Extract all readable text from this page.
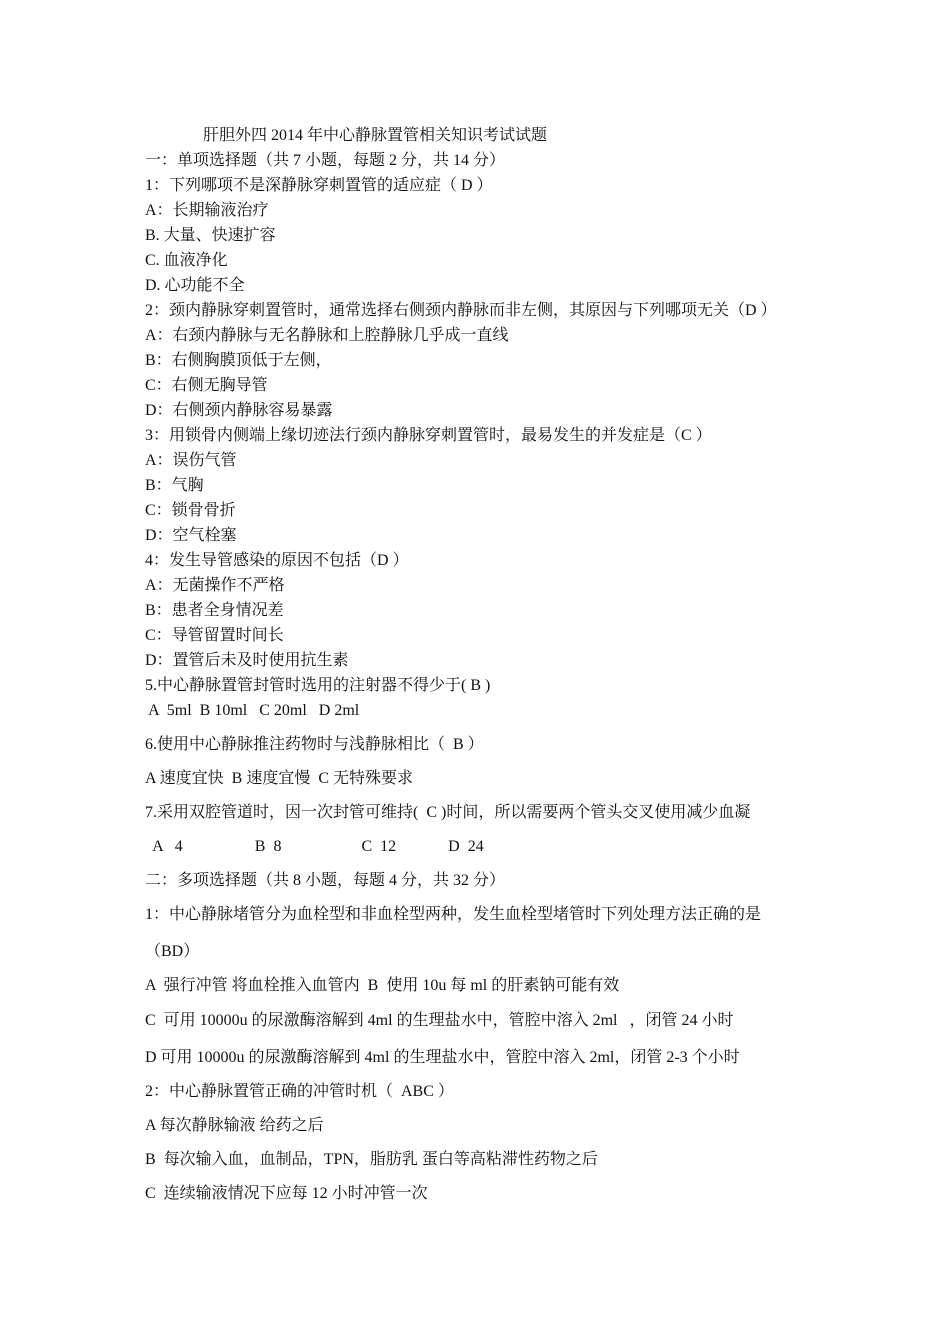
肝胆外四 2014 年中心静脉置管相关知识考试试题

一：单项选择题（共 7 小题，每题 2 分，共 14 分）

1：下列哪项不是深静脉穿刺置管的适应症（ D ）

A：长期输液治疗

B. 大量、快速扩容

C. 血液净化

D. 心功能不全

2：颈内静脉穿刺置管时，通常选择右侧颈内静脉而非左侧，其原因与下列哪项无关（D ）

A：右颈内静脉与无名静脉和上腔静脉几乎成一直线

B：右侧胸膜顶低于左侧，

C：右侧无胸导管

D：右侧颈内静脉容易暴露

3：用锁骨内侧端上缘切迹法行颈内静脉穿刺置管时，最易发生的并发症是（C ）

A：误伤气管

B：气胸

C：锁骨骨折

D：空气栓塞

4：发生导管感染的原因不包括（D ）

A：无菌操作不严格

B：患者全身情况差

C：导管留置时间长

D：置管后未及时使用抗生素

5.中心静脉置管封管时选用的注射器不得少于( B )

A  5ml  B 10ml   C 20ml   D 2ml

6.使用中心静脉推注药物时与浅静脉相比（  B ）

A 速度宜快  B 速度宜慢  C 无特殊要求

7.采用双腔管道时，因一次封管可维持(  C )时间，所以需要两个管头交叉使用减少血凝

A   4                  B  8                    C  12             D  24

二：多项选择题（共 8 小题，每题 4 分，共 32 分）

1：中心静脉堵管分为血栓型和非血栓型两种，发生血栓型堵管时下列处理方法正确的是

（BD）

A  强行冲管 将血栓推入血管内  B  使用 10u 每 ml 的肝素钠可能有效

C  可用 10000u 的尿激酶溶解到 4ml 的生理盐水中，管腔中溶入 2ml   ，闭管 24 小时

D 可用 10000u 的尿激酶溶解到 4ml 的生理盐水中，管腔中溶入 2ml，闭管 2-3 个小时

2：中心静脉置管正确的冲管时机（  ABC ）

A 每次静脉输液 给药之后

B  每次输入血，血制品，TPN，脂肪乳 蛋白等高粘滞性药物之后

C  连续输液情况下应每 12 小时冲管一次
